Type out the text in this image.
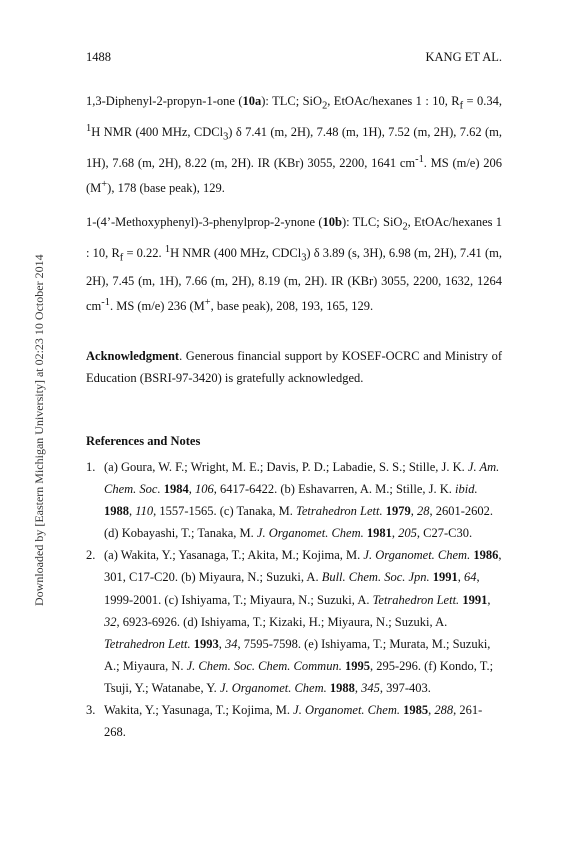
1488	KANG ET AL.
Downloaded by [Eastern Michigan University] at 02:23 10 October 2014

1,3-Diphenyl-2-propyn-1-one (10a): TLC; SiO$_2$, EtOAc/hexanes 1 : 10, $R_f = 0.34$, $^1$H NMR (400 MHz, CDCl$_3$) δ 7.41 (m, 2H), 7.48 (m, 1H), 7.52 (m, 2H), 7.62 (m, 1H), 7.68 (m, 2H), 8.22 (m, 2H). IR (KBr) 3055, 2200, 1641 $cm^{-1}$. MS (m/e) 206 (M+), 178 (base peak), 129.

1-(4’-Methoxyphenyl)-3-phenylprop-2-ynone (10b): TLC; SiO$_2$, EtOAc/hexanes 1 : 10, $R_f = 0.22$. $^1$H NMR (400 MHz, CDCl$_3$) δ 3.89 (s, 3H), 6.98 (m, 2H), 7.41 (m, 2H), 7.45 (m, 1H), 7.66 (m, 2H), 8.19 (m, 2H). IR (KBr) 3055, 2200, 1632, 1264 $cm^{-1}$. MS (m/e) 236 (M+, base peak), 208, 193, 165, 129.

Acknowledgment. Generous financial support by KOSEF-OCRC and Ministry of Education (BSRI-97-3420) is gratefully acknowledged.

References and Notes

1. (a) Goura, W. F.; Wright, M. E.; Davis, P. D.; Labadie, S. S.; Stille, J. K. J. Am. Chem. Soc. 1984, 106, 6417-6422. (b) Eshavarren, A. M.; Stille, J. K. ibid. 1988, 110, 1557-1565. (c) Tanaka, M. Tetrahedron Lett. 1979, 28, 2601-2602. (d) Kobayashi, T.; Tanaka, M. J. Organomet. Chem. 1981, 205, C27-C30.
2. (a) Wakita, Y.; Yasanaga, T.; Akita, M.; Kojima, M. J. Organomet. Chem. 1986, 301, C17-C20. (b) Miyaura, N.; Suzuki, A. Bull. Chem. Soc. Jpn. 1991, 64, 1999-2001. (c) Ishiyama, T.; Miyaura, N.; Suzuki, A. Tetrahedron Lett. 1991, 32, 6923-6926. (d) Ishiyama, T.; Kizaki, H.; Miyaura, N.; Suzuki, A. Tetrahedron Lett. 1993, 34, 7595-7598. (e) Ishiyama, T.; Murata, M.; Suzuki, A.; Miyaura, N. J. Chem. Soc. Chem. Commun. 1995, 295-296. (f) Kondo, T.; Tsuji, Y.; Watanabe, Y. J. Organomet. Chem. 1988, 345, 397-403.
3. Wakita, Y.; Yasunaga, T.; Kojima, M. J. Organomet. Chem. 1985, 288, 261-268.
